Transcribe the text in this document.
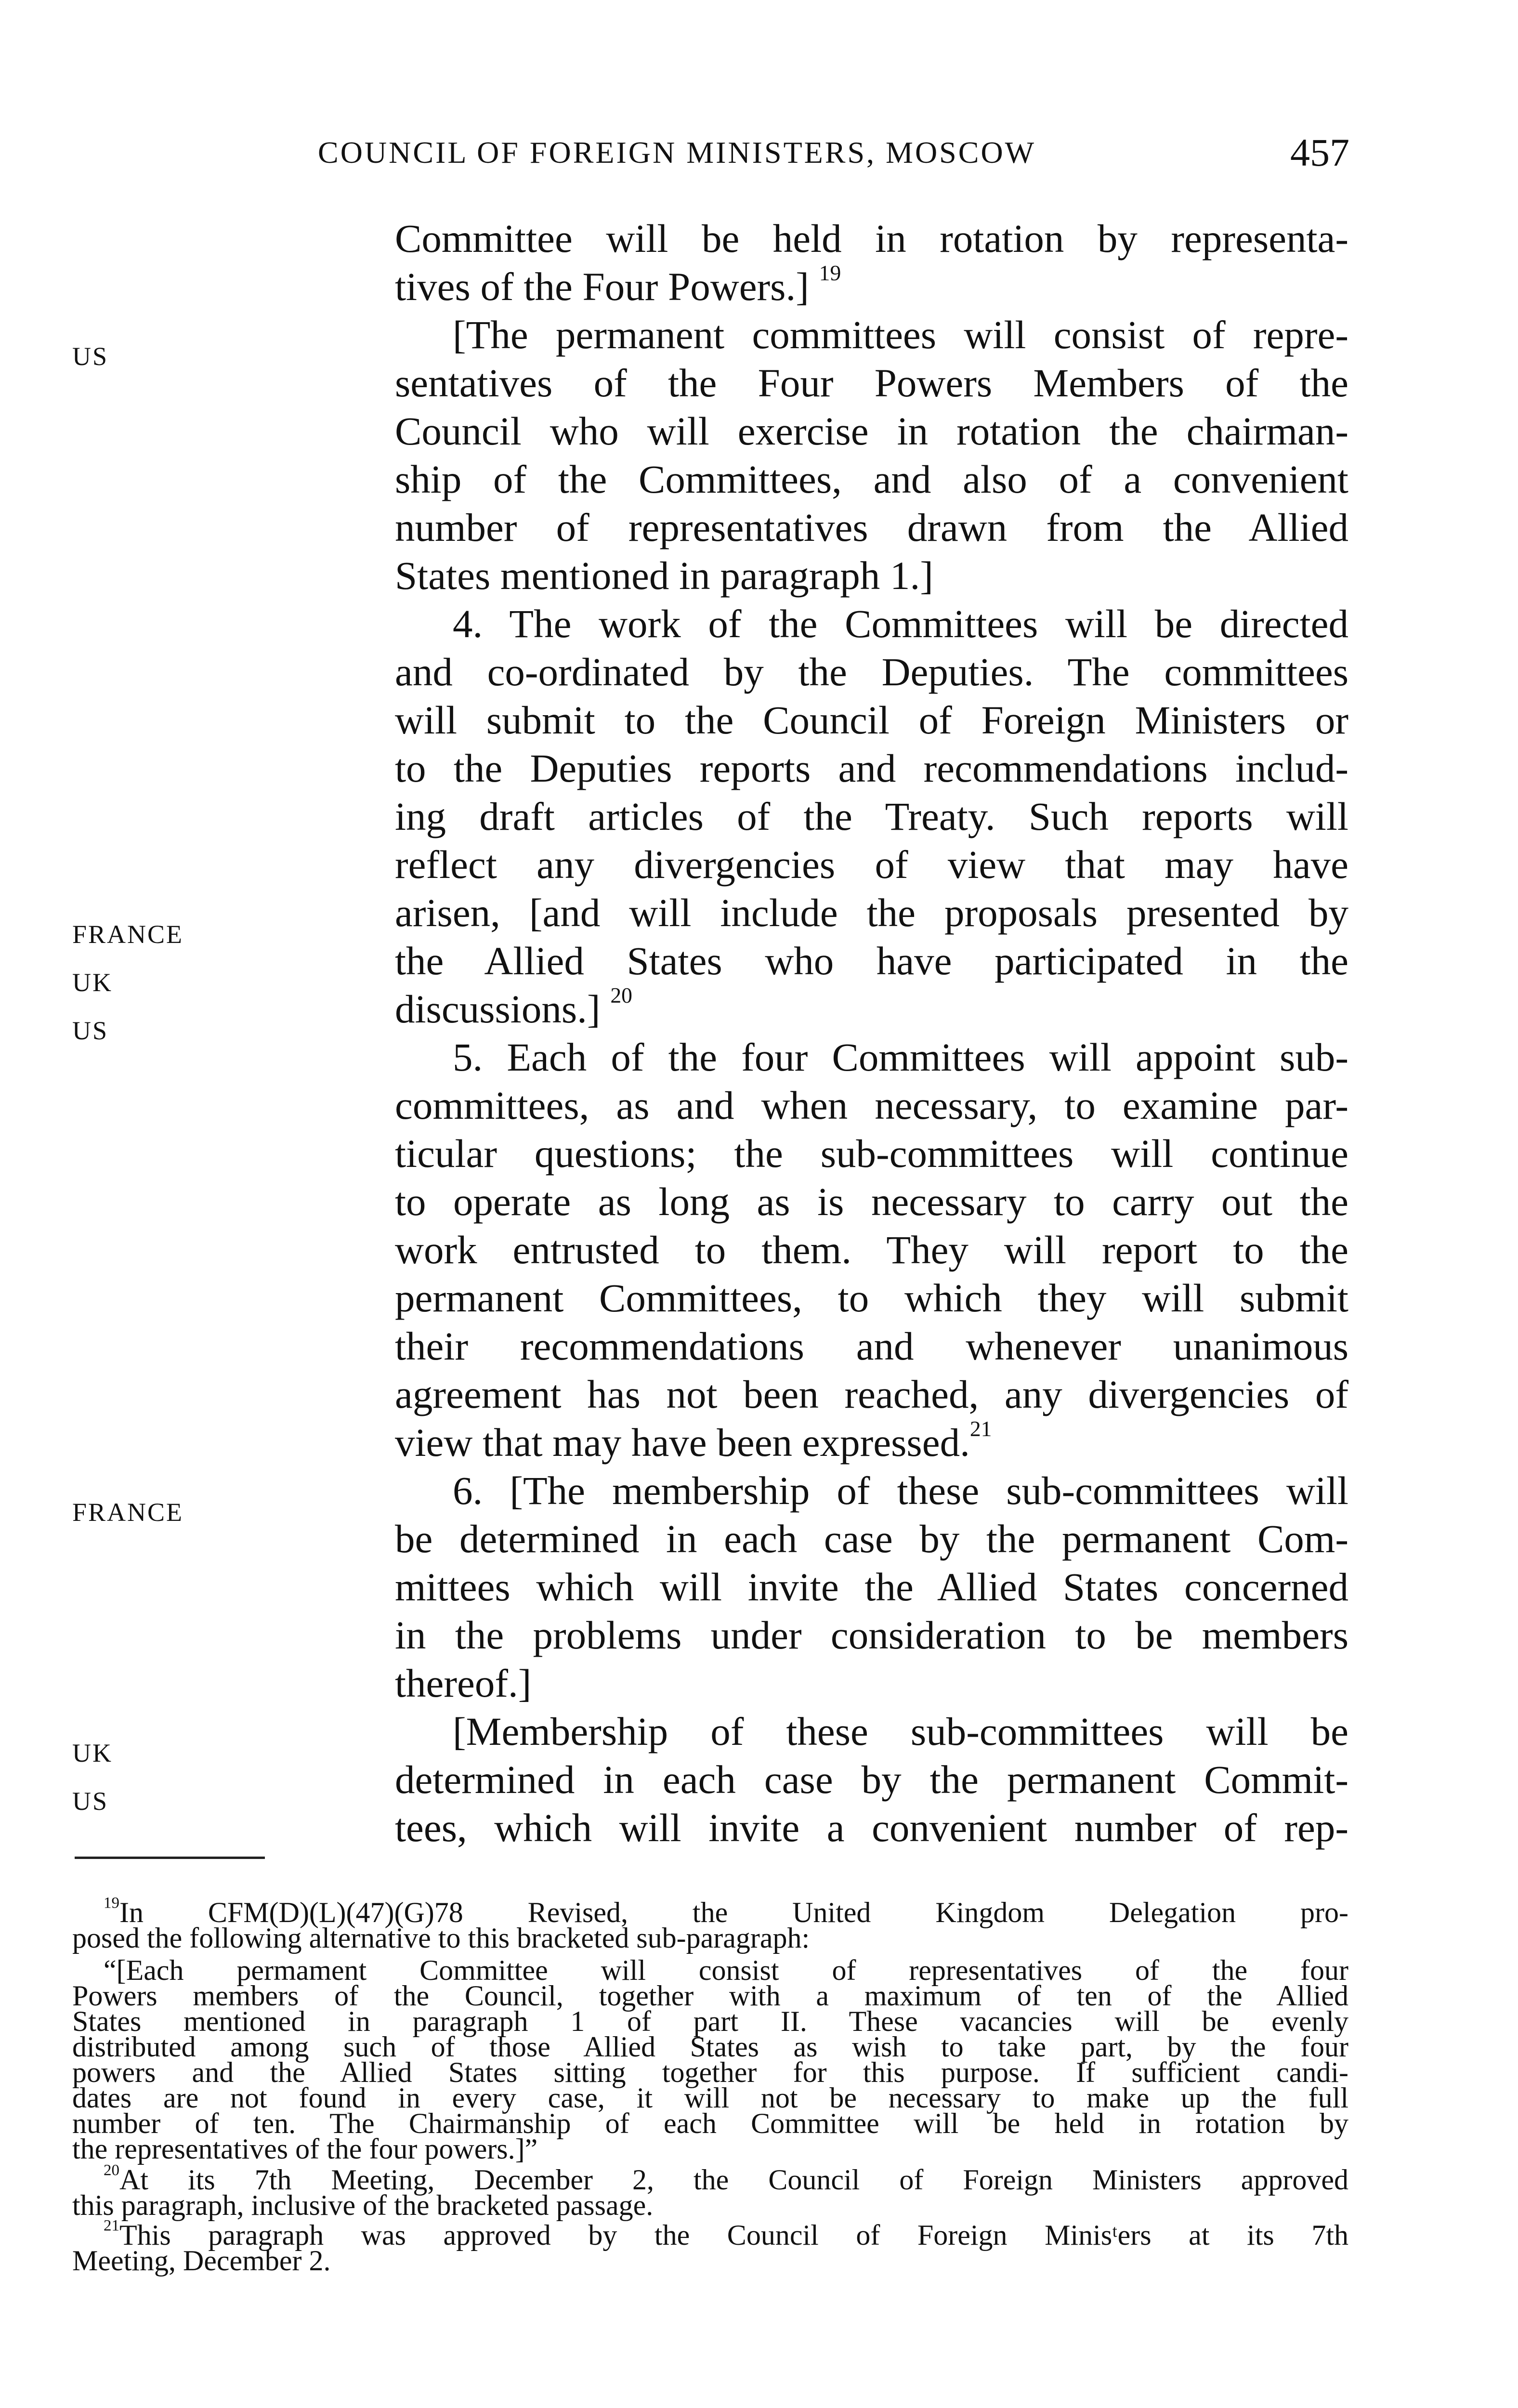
COUNCIL OF FOREIGN MINISTERS, MOSCOW	457
US
FRANCE
UK
US
FRANCE
UK
US
Committee will be held in rotation by representa-
tives of the Four Powers.] $^{19}$
[The permanent committees will consist of repre-
sentatives of the Four Powers Members of the
Council who will exercise in rotation the chairman-
ship of the Committees, and also of a convenient
number of representatives drawn from the Allied
States mentioned in paragraph 1.]
4. The work of the Committees will be directed
and co-ordinated by the Deputies. The committees
will submit to the Council of Foreign Ministers or
to the Deputies reports and recommendations includ-
ing draft articles of the Treaty. Such reports will
reflect any divergencies of view that may have
arisen, [and will include the proposals presented by
the Allied States who have participated in the
discussions.] $^{20}$
5. Each of the four Committees will appoint sub-
committees, as and when necessary, to examine par-
ticular questions; the sub-committees will continue
to operate as long as is necessary to carry out the
work entrusted to them. They will report to the
permanent Committees, to which they will submit
their recommendations and whenever unanimous
agreement has not been reached, any divergencies of
view that may have been expressed.$^{21}$
6. [The membership of these sub-committees will
be determined in each case by the permanent Com-
mittees which will invite the Allied States concerned
in the problems under consideration to be members
thereof.]
[Membership of these sub-committees will be
determined in each case by the permanent Commit-
tees, which will invite a convenient number of rep-
$^{19}$In CFM(D)(L)(47)(G)78 Revised, the United Kingdom Delegation pro-
posed the following alternative to this bracketed sub-paragraph:
“[Each permament Committee will consist of representatives of the four
Powers members of the Council, together with a maximum of ten of the Allied
States mentioned in paragraph 1 of part II. These vacancies will be evenly
distributed among such of those Allied States as wish to take part, by the four
powers and the Allied States sitting together for this purpose. If sufficient candi-
dates are not found in every case, it will not be necessary to make up the full
number of ten. The Chairmanship of each Committee will be held in rotation by
the representatives of the four powers.]”
$^{20}$At its 7th Meeting, December 2, the Council of Foreign Ministers approved
this paragraph, inclusive of the bracketed passage.
$^{21}$This paragraph was approved by the Council of Foreign Minisᵗers at its 7th
Meeting, December 2.
